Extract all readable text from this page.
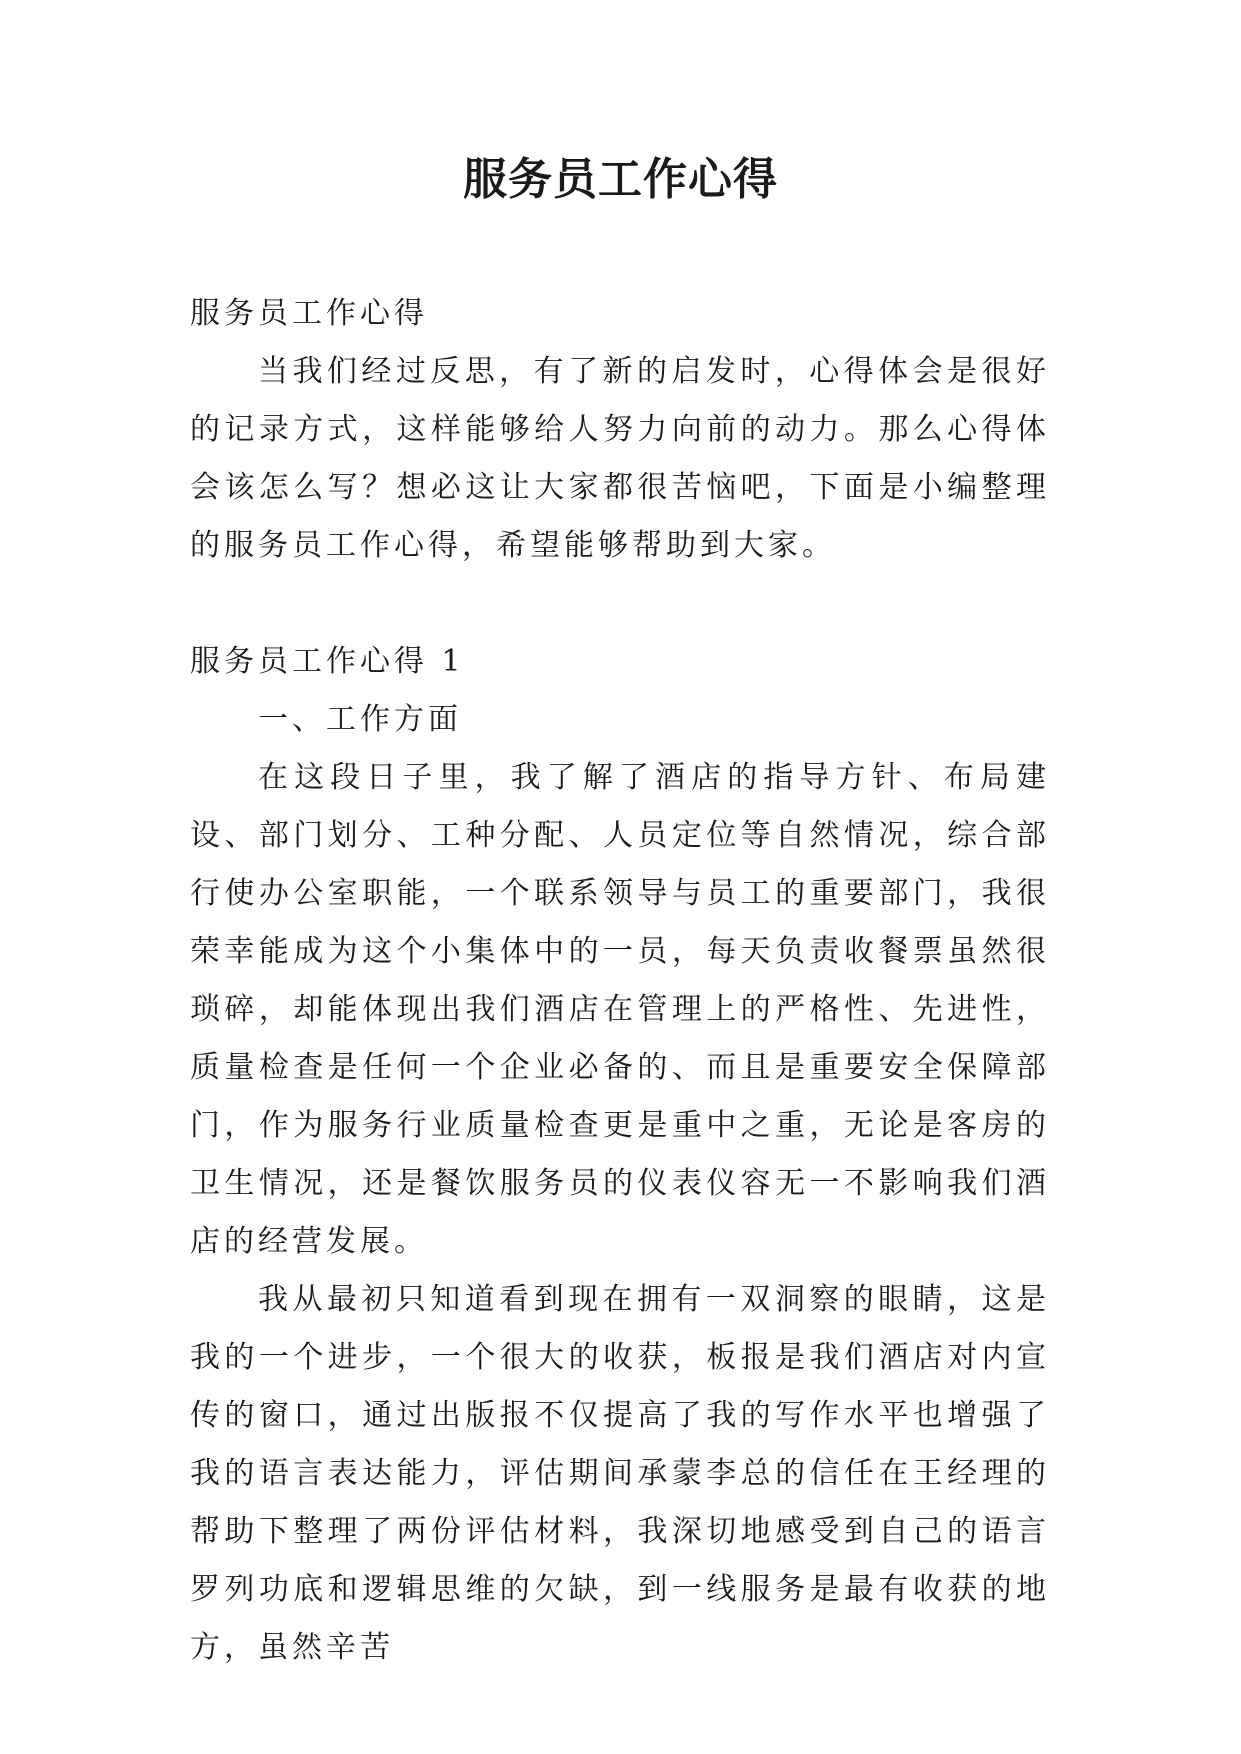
服务员工作心得

服务员工作心得

当我们经过反思，有了新的启发时，心得体会是很好的记录方式，这样能够给人努力向前的动力。那么心得体会该怎么写？想必这让大家都很苦恼吧，下面是小编整理的服务员工作心得，希望能够帮助到大家。

服务员工作心得 1

一、工作方面

在这段日子里，我了解了酒店的指导方针、布局建设、部门划分、工种分配、人员定位等自然情况，综合部行使办公室职能，一个联系领导与员工的重要部门，我很荣幸能成为这个小集体中的一员，每天负责收餐票虽然很琐碎，却能体现出我们酒店在管理上的严格性、先进性，质量检查是任何一个企业必备的、而且是重要安全保障部门，作为服务行业质量检查更是重中之重，无论是客房的卫生情况，还是餐饮服务员的仪表仪容无一不影响我们酒店的经营发展。

我从最初只知道看到现在拥有一双洞察的眼睛，这是我的一个进步，一个很大的收获，板报是我们酒店对内宣传的窗口，通过出版报不仅提高了我的写作水平也增强了我的语言表达能力，评估期间承蒙李总的信任在王经理的帮助下整理了两份评估材料，我深切地感受到自己的语言罗列功底和逻辑思维的欠缺，到一线服务是最有收获的地方，虽然辛苦
